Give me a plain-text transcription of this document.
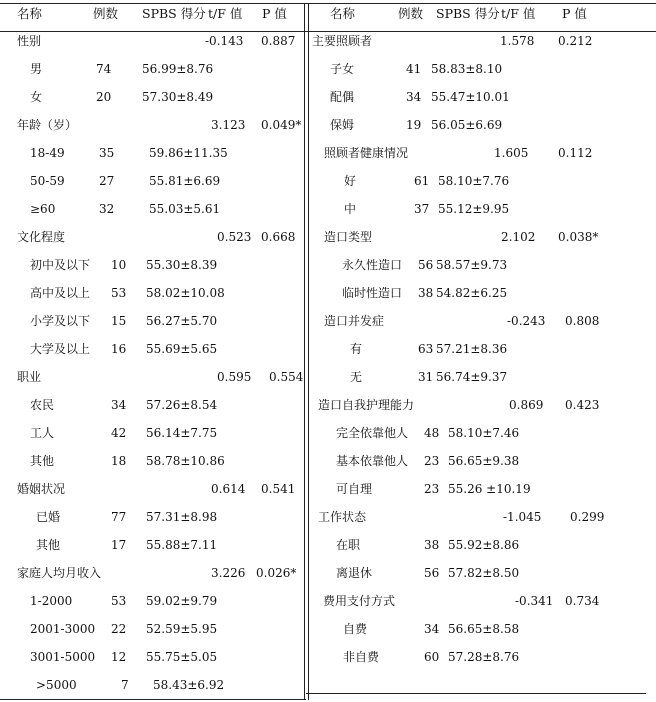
名称	例数 SPBS 得分 t/F 值 P 值	名称	例数 SPBS 得分 t/F 值 P 值
性别	-0.143 0.887
男	74	56.99±8.76
女	20	57.30±8.49
年龄（岁）	3.123 0.049*
18-49	35	59.86±11.35
50-59	27	55.81±6.69
≥60	32	55.03±5.61
文化程度	0.523 0.668
初中及以下 10 55.30±8.39
高中及以上 53 58.02±10.08
小学及以下 15 56.27±5.70
大学及以上 16 55.69±5.65
职业	0.595 0.554
农民	34 57.26±8.54
工人	42 56.14±7.75
其他	18 58.78±10.86
婚姻状况	0.614 0.541
已婚	77 57.31±8.98
其他	17 55.88±7.11
家庭人均月收入	3.226 0.026*
1-2000	53 59.02±9.79
2001-3000 22 52.59±5.95
3001-5000 12 55.75±5.05
>5000	7 58.43±6.92
主要照顾者	1.578 0.212
子女	41 58.83±8.10
配偶	34 55.47±10.01
保姆	19 56.05±6.69
照顾者健康情况	1.605 0.112
好	61 58.10±7.76
中	37 55.12±9.95
造口类型	2.102 0.038*
永久性造口 56 58.57±9.73
临时性造口 38 54.82±6.25
造口并发症	-0.243 0.808
有	63 57.21±8.36
无	31 56.74±9.37
造口自我护理能力	0.869 0.423
完全依靠他人 48 58.10±7.46
基本依靠他人 23 56.65±9.38
可自理	23 55.26 ±10.19
工作状态	-1.045 0.299
在职	38 55.92±8.86
离退休	56 57.82±8.50
费用支付方式	-0.341 0.734
自费	34 56.65±8.58
非自费	60 57.28±8.76
